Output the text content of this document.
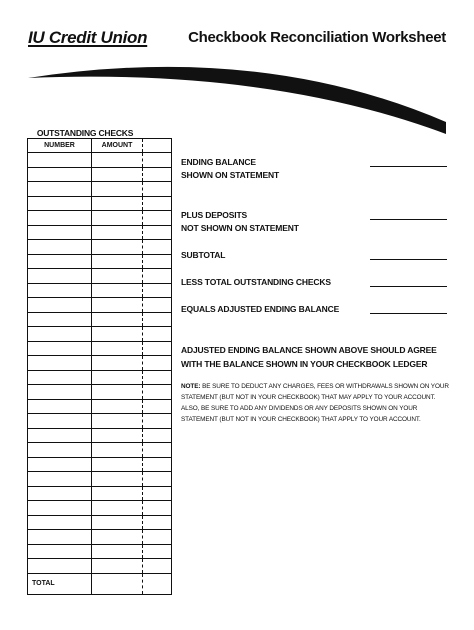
IU Credit Union	Checkbook Reconciliation Worksheet
OUTSTANDING CHECKS
NUMBER	AMOUNT	

TOTAL		
ENDING BALANCE
SHOWN ON STATEMENT
PLUS DEPOSITS
NOT SHOWN ON STATEMENT
SUBTOTAL
LESS TOTAL OUTSTANDING CHECKS
EQUALS ADJUSTED ENDING BALANCE
ADJUSTED ENDING BALANCE SHOWN ABOVE SHOULD AGREE WITH THE BALANCE SHOWN IN YOUR CHECKBOOK LEDGER
NOTE: BE SURE TO DEDUCT ANY CHARGES, FEES OR WITHDRAWALS SHOWN ON YOUR STATEMENT (BUT NOT IN YOUR CHECKBOOK) THAT MAY APPLY TO YOUR ACCOUNT. ALSO, BE SURE TO ADD ANY DIVIDENDS OR ANY DEPOSITS SHOWN ON YOUR STATEMENT (BUT NOT IN YOUR CHECKBOOK) THAT APPLY TO YOUR ACCOUNT.
